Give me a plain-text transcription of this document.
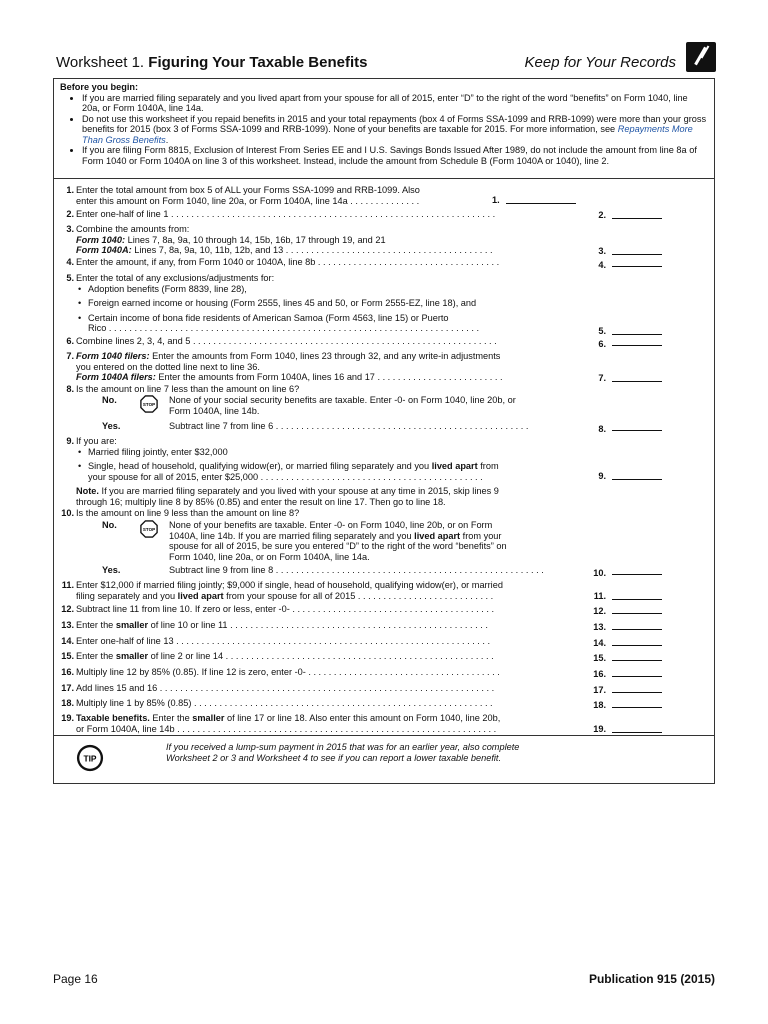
Worksheet 1. Figuring Your Taxable Benefits	Keep for Your Records
Before you begin:
• If you are married filing separately and you lived apart from your spouse for all of 2015, enter “D” to the right of the word “benefits” on Form 1040, line 20a, or Form 1040A, line 14a.
• Do not use this worksheet if you repaid benefits in 2015 and your total repayments (box 4 of Forms SSA-1099 and RRB-1099) were more than your gross benefits for 2015 (box 3 of Forms SSA-1099 and RRB-1099). None of your benefits are taxable for 2015. For more information, see Repayments More Than Gross Benefits.
• If you are filing Form 8815, Exclusion of Interest From Series EE and I U.S. Savings Bonds Issued After 1989, do not include the amount from line 8a of Form 1040 or Form 1040A on line 3 of this worksheet. Instead, include the amount from Schedule B (Form 1040A or 1040), line 2.
1. Enter the total amount from box 5 of ALL your Forms SSA-1099 and RRB-1099. Also
enter this amount on Form 1040, line 20a, or Form 1040A, line 14a . . . . . . . . . . . . . .	1.
2. Enter one-half of line 1 . . . . . . . . . . . . . . . . . . . . . . . . . . . . . . . . . . . . . . . . . . . . . . . . . . . . . . . . . . . . . . . .	2.
3. Combine the amounts from:
Form 1040: Lines 7, 8a, 9a, 10 through 14, 15b, 16b, 17 through 19, and 21
Form 1040A: Lines 7, 8a, 9a, 10, 11b, 12b, and 13 . . . . . . . . . . . . . . . . . . . . . . . . . . . . . . . . . . . . . . . . .	3.
4. Enter the amount, if any, from Form 1040 or 1040A, line 8b . . . . . . . . . . . . . . . . . . . . . . . . . . . . . . . . . . . .	4.
5. Enter the total of any exclusions/adjustments for:
• Adoption benefits (Form 8839, line 28),
• Foreign earned income or housing (Form 2555, lines 45 and 50, or Form 2555-EZ, line 18), and
• Certain income of bona fide residents of American Samoa (Form 4563, line 15) or Puerto
Rico . . . . . . . . . . . . . . . . . . . . . . . . . . . . . . . . . . . . . . . . . . . . . . . . . . . . . . . . . . . . . . . . . . . . . . . . .	5.
6. Combine lines 2, 3, 4, and 5 . . . . . . . . . . . . . . . . . . . . . . . . . . . . . . . . . . . . . . . . . . . . . . . . . . . . . . . . . . . .	6.
7. Form 1040 filers: Enter the amounts from Form 1040, lines 23 through 32, and any write-in adjustments
you entered on the dotted line next to line 36.
Form 1040A filers: Enter the amounts from Form 1040A, lines 16 and 17 . . . . . . . . . . . . . . . . . . . . . . . . .	7.
8. Is the amount on line 7 less than the amount on line 6?
No.	STOP None of your social security benefits are taxable. Enter -0- on Form 1040, line 20b, or
Form 1040A, line 14b.
Yes.	Subtract line 7 from line 6 . . . . . . . . . . . . . . . . . . . . . . . . . . . . . . . . . . . . . . . . . . . . . . . . . .	8.
9. If you are:
• Married filing jointly, enter $32,000
• Single, head of household, qualifying widow(er), or married filing separately and you lived apart from
your spouse for all of 2015, enter $25,000 . . . . . . . . . . . . . . . . . . . . . . . . . . . . . . . . . . . . . . . . . . . .	9.
Note. If you are married filing separately and you lived with your spouse at any time in 2015, skip lines 9
through 16; multiply line 8 by 85% (0.85) and enter the result on line 17. Then go to line 18.
10. Is the amount on line 9 less than the amount on line 8?
No.	STOP None of your benefits are taxable. Enter -0- on Form 1040, line 20b, or on Form
1040A, line 14b. If you are married filing separately and you lived apart from your
spouse for all of 2015, be sure you entered “D” to the right of the word “benefits” on
Form 1040, line 20a, or on Form 1040A, line 14a.
Yes.	Subtract line 9 from line 8 . . . . . . . . . . . . . . . . . . . . . . . . . . . . . . . . . . . . . . . . . . . . . . . . . . . . .	10.
11. Enter $12,000 if married filing jointly; $9,000 if single, head of household, qualifying widow(er), or married
filing separately and you lived apart from your spouse for all of 2015 . . . . . . . . . . . . . . . . . . . . . . . . . . .	11.
12. Subtract line 11 from line 10. If zero or less, enter -0- . . . . . . . . . . . . . . . . . . . . . . . . . . . . . . . . . . . . . . . .	12.
13. Enter the smaller of line 10 or line 11 . . . . . . . . . . . . . . . . . . . . . . . . . . . . . . . . . . . . . . . . . . . . . . . . . . .	13.
14. Enter one-half of line 13 . . . . . . . . . . . . . . . . . . . . . . . . . . . . . . . . . . . . . . . . . . . . . . . . . . . . . . . . . . . . . .	14.
15. Enter the smaller of line 2 or line 14 . . . . . . . . . . . . . . . . . . . . . . . . . . . . . . . . . . . . . . . . . . . . . . . . . . . . .	15.
16. Multiply line 12 by 85% (0.85). If line 12 is zero, enter -0- . . . . . . . . . . . . . . . . . . . . . . . . . . . . . . . . . . . . . .	16.
17. Add lines 15 and 16 . . . . . . . . . . . . . . . . . . . . . . . . . . . . . . . . . . . . . . . . . . . . . . . . . . . . . . . . . . . . . . . . . .	17.
18. Multiply line 1 by 85% (0.85) . . . . . . . . . . . . . . . . . . . . . . . . . . . . . . . . . . . . . . . . . . . . . . . . . . . . . . . . . . .	18.
19. Taxable benefits. Enter the smaller of line 17 or line 18. Also enter this amount on Form 1040, line 20b,
or Form 1040A, line 14b . . . . . . . . . . . . . . . . . . . . . . . . . . . . . . . . . . . . . . . . . . . . . . . . . . . . . . . . . . . . . . .	19.
TIP
If you received a lump-sum payment in 2015 that was for an earlier year, also complete Worksheet 2 or 3 and Worksheet 4 to see if you can report a lower taxable benefit.
Page 16	Publication 915 (2015)
